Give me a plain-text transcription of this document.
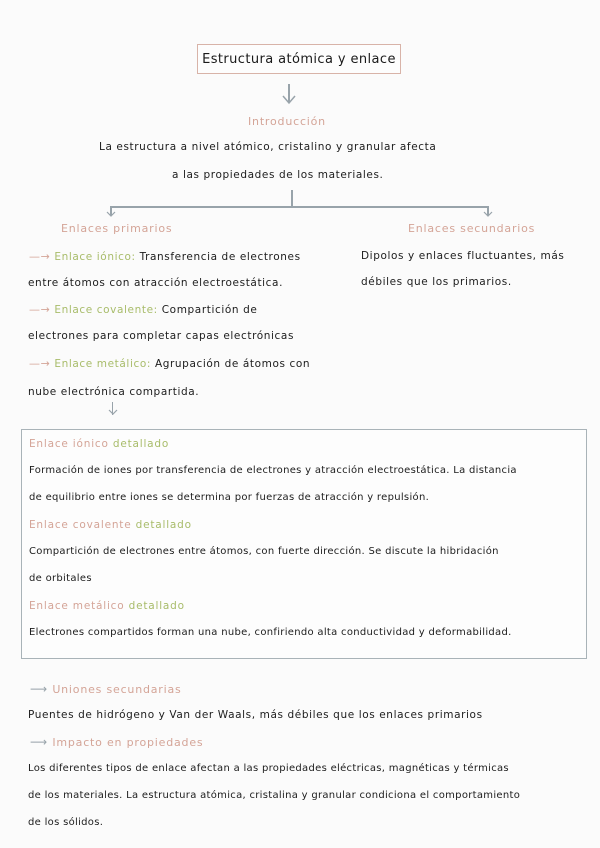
Estructura atómica y enlace
Introducción
La estructura a nivel atómico, cristalino y granular afecta
a las propiedades de los materiales.
Enlaces primarios
—→ Enlace iónico: Transferencia de electrones
entre átomos con atracción electroestática.
—→ Enlace covalente: Compartición de
electrones para completar capas electrónicas
—→ Enlace metálico: Agrupación de átomos con
nube electrónica compartida.
Enlaces secundarios
Dipolos y enlaces fluctuantes, más
débiles que los primarios.
Enlace iónico detallado
Formación de iones por transferencia de electrones y atracción electroestática. La distancia
de equilibrio entre iones se determina por fuerzas de atracción y repulsión.
Enlace covalente detallado
Compartición de electrones entre átomos, con fuerte dirección. Se discute la hibridación
de orbitales
Enlace metálico detallado
Electrones compartidos forman una nube, confiriendo alta conductividad y deformabilidad.
⟶ Uniones secundarias
Puentes de hidrógeno y Van der Waals, más débiles que los enlaces primarios
⟶ Impacto en propiedades
Los diferentes tipos de enlace afectan a las propiedades eléctricas, magnéticas y térmicas
de los materiales. La estructura atómica, cristalina y granular condiciona el comportamiento
de los sólidos.
